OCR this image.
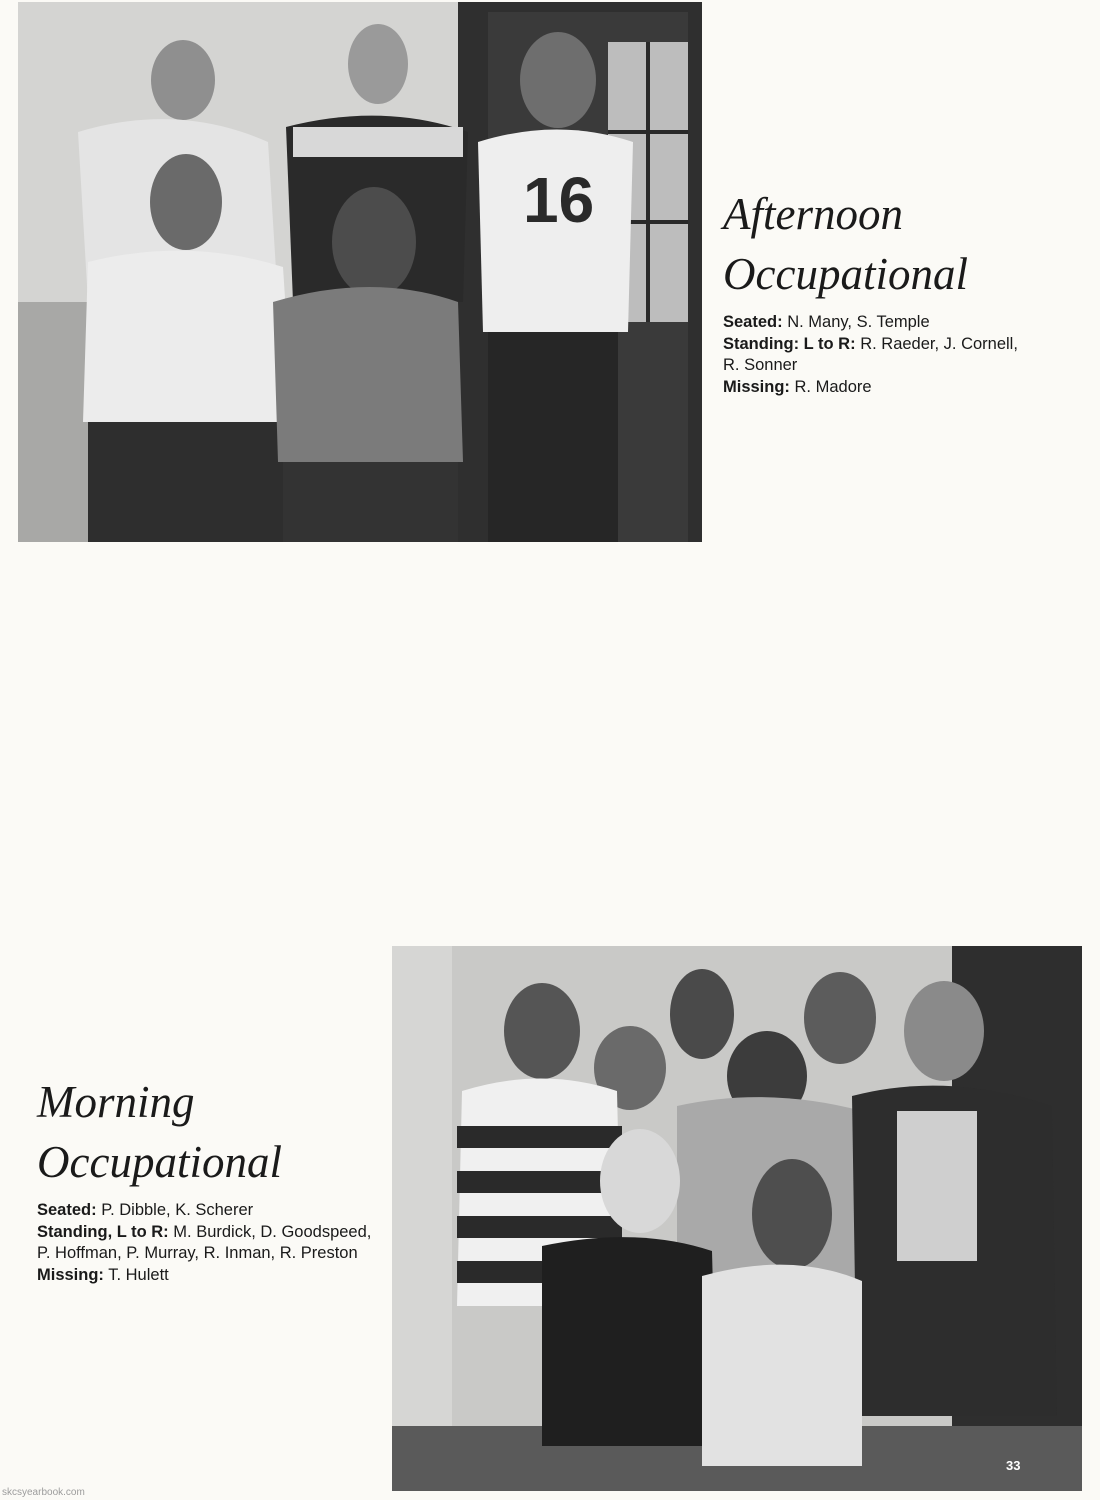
16	Afternoon
Occupational
Seated: N. Many, S. Temple
Standing: L to R: R. Raeder, J. Cornell, R. Sonner
Missing: R. Madore
Morning
Occupational
Seated: P. Dibble, K. Scherer
Standing, L to R: M. Burdick, D. Goodspeed, P. Hoffman, P. Murray, R. Inman, R. Preston
Missing: T. Hulett
33
skcsyearbook.com
